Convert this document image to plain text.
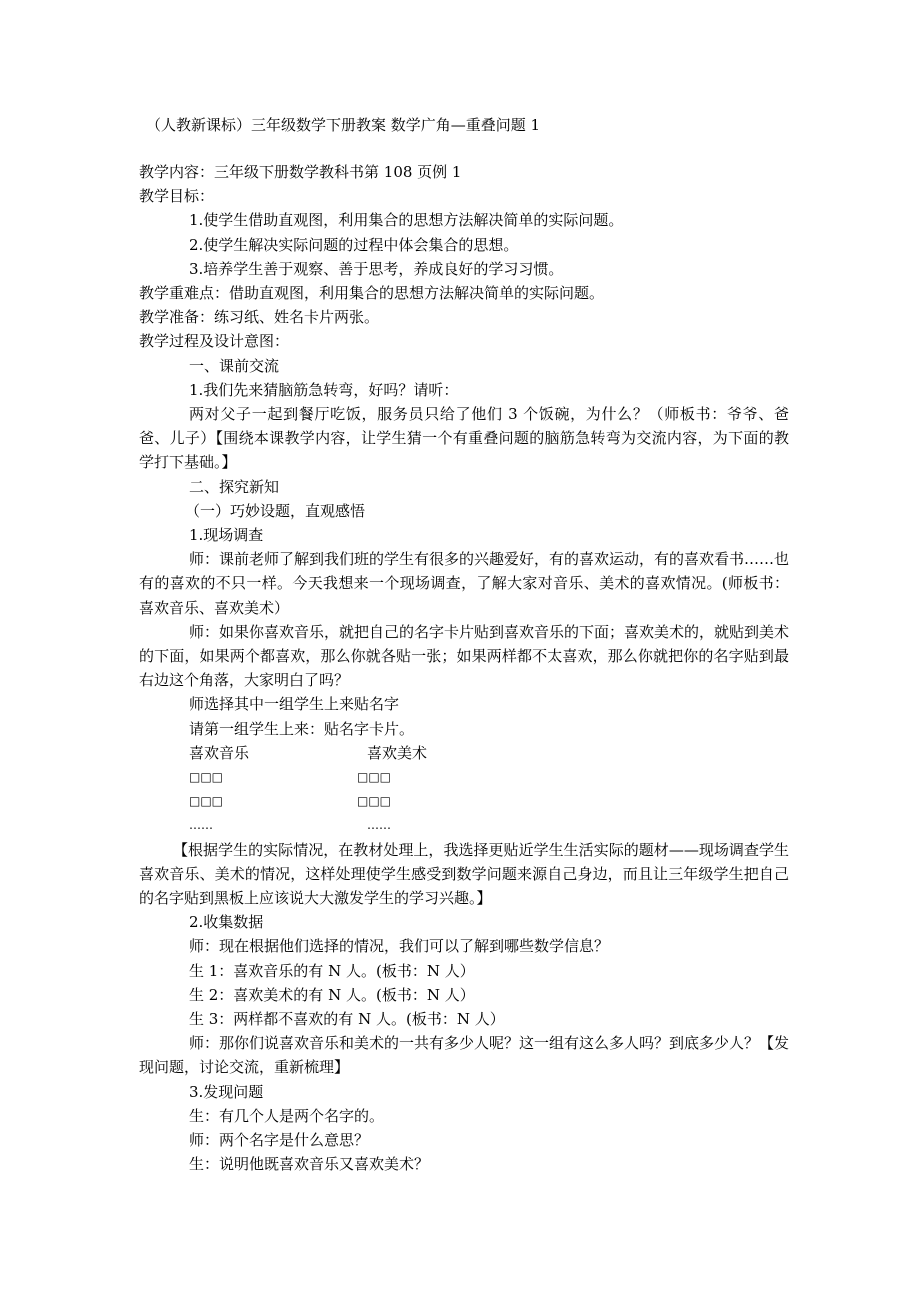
（人教新课标）三年级数学下册教案 数学广角—重叠问题 1

教学内容：三年级下册数学教科书第 108 页例 1

教学目标：

1.使学生借助直观图，利用集合的思想方法解决简单的实际问题。

2.使学生解决实际问题的过程中体会集合的思想。

3.培养学生善于观察、善于思考，养成良好的学习习惯。

教学重难点：借助直观图，利用集合的思想方法解决简单的实际问题。

教学准备：练习纸、姓名卡片两张。

教学过程及设计意图：

一、课前交流

1.我们先来猜脑筋急转弯，好吗？请听：

两对父子一起到餐厅吃饭，服务员只给了他们 3 个饭碗，为什么？（师板书：爷爷、爸爸、儿子）【围绕本课教学内容，让学生猜一个有重叠问题的脑筋急转弯为交流内容，为下面的教学打下基础。】

二、探究新知

（一）巧妙设题，直观感悟

1.现场调查

师：课前老师了解到我们班的学生有很多的兴趣爱好，有的喜欢运动，有的喜欢看书……也有的喜欢的不只一样。今天我想来一个现场调查，了解大家对音乐、美术的喜欢情况。(师板书：喜欢音乐、喜欢美术）

师：如果你喜欢音乐，就把自己的名字卡片贴到喜欢音乐的下面；喜欢美术的，就贴到美术的下面，如果两个都喜欢，那么你就各贴一张；如果两样都不太喜欢，那么你就把你的名字贴到最右边这个角落，大家明白了吗？

师选择其中一组学生上来贴名字

请第一组学生上来：贴名字卡片。

喜欢音乐	喜欢美术
□□□	□□□
□□□	□□□
……	……

【根据学生的实际情况，在教材处理上，我选择更贴近学生生活实际的题材——现场调查学生喜欢音乐、美术的情况，这样处理使学生感受到数学问题来源自己身边，而且让三年级学生把自己的名字贴到黑板上应该说大大激发学生的学习兴趣。】

2.收集数据

师：现在根据他们选择的情况，我们可以了解到哪些数学信息？

生 1：喜欢音乐的有 N 人。(板书：N 人）

生 2：喜欢美术的有 N 人。(板书：N 人）

生 3：两样都不喜欢的有 N 人。(板书：N 人）

师：那你们说喜欢音乐和美术的一共有多少人呢？这一组有这么多人吗？到底多少人？【发现问题，讨论交流，重新梳理】

3.发现问题

生：有几个人是两个名字的。

师：两个名字是什么意思？

生：说明他既喜欢音乐又喜欢美术？
